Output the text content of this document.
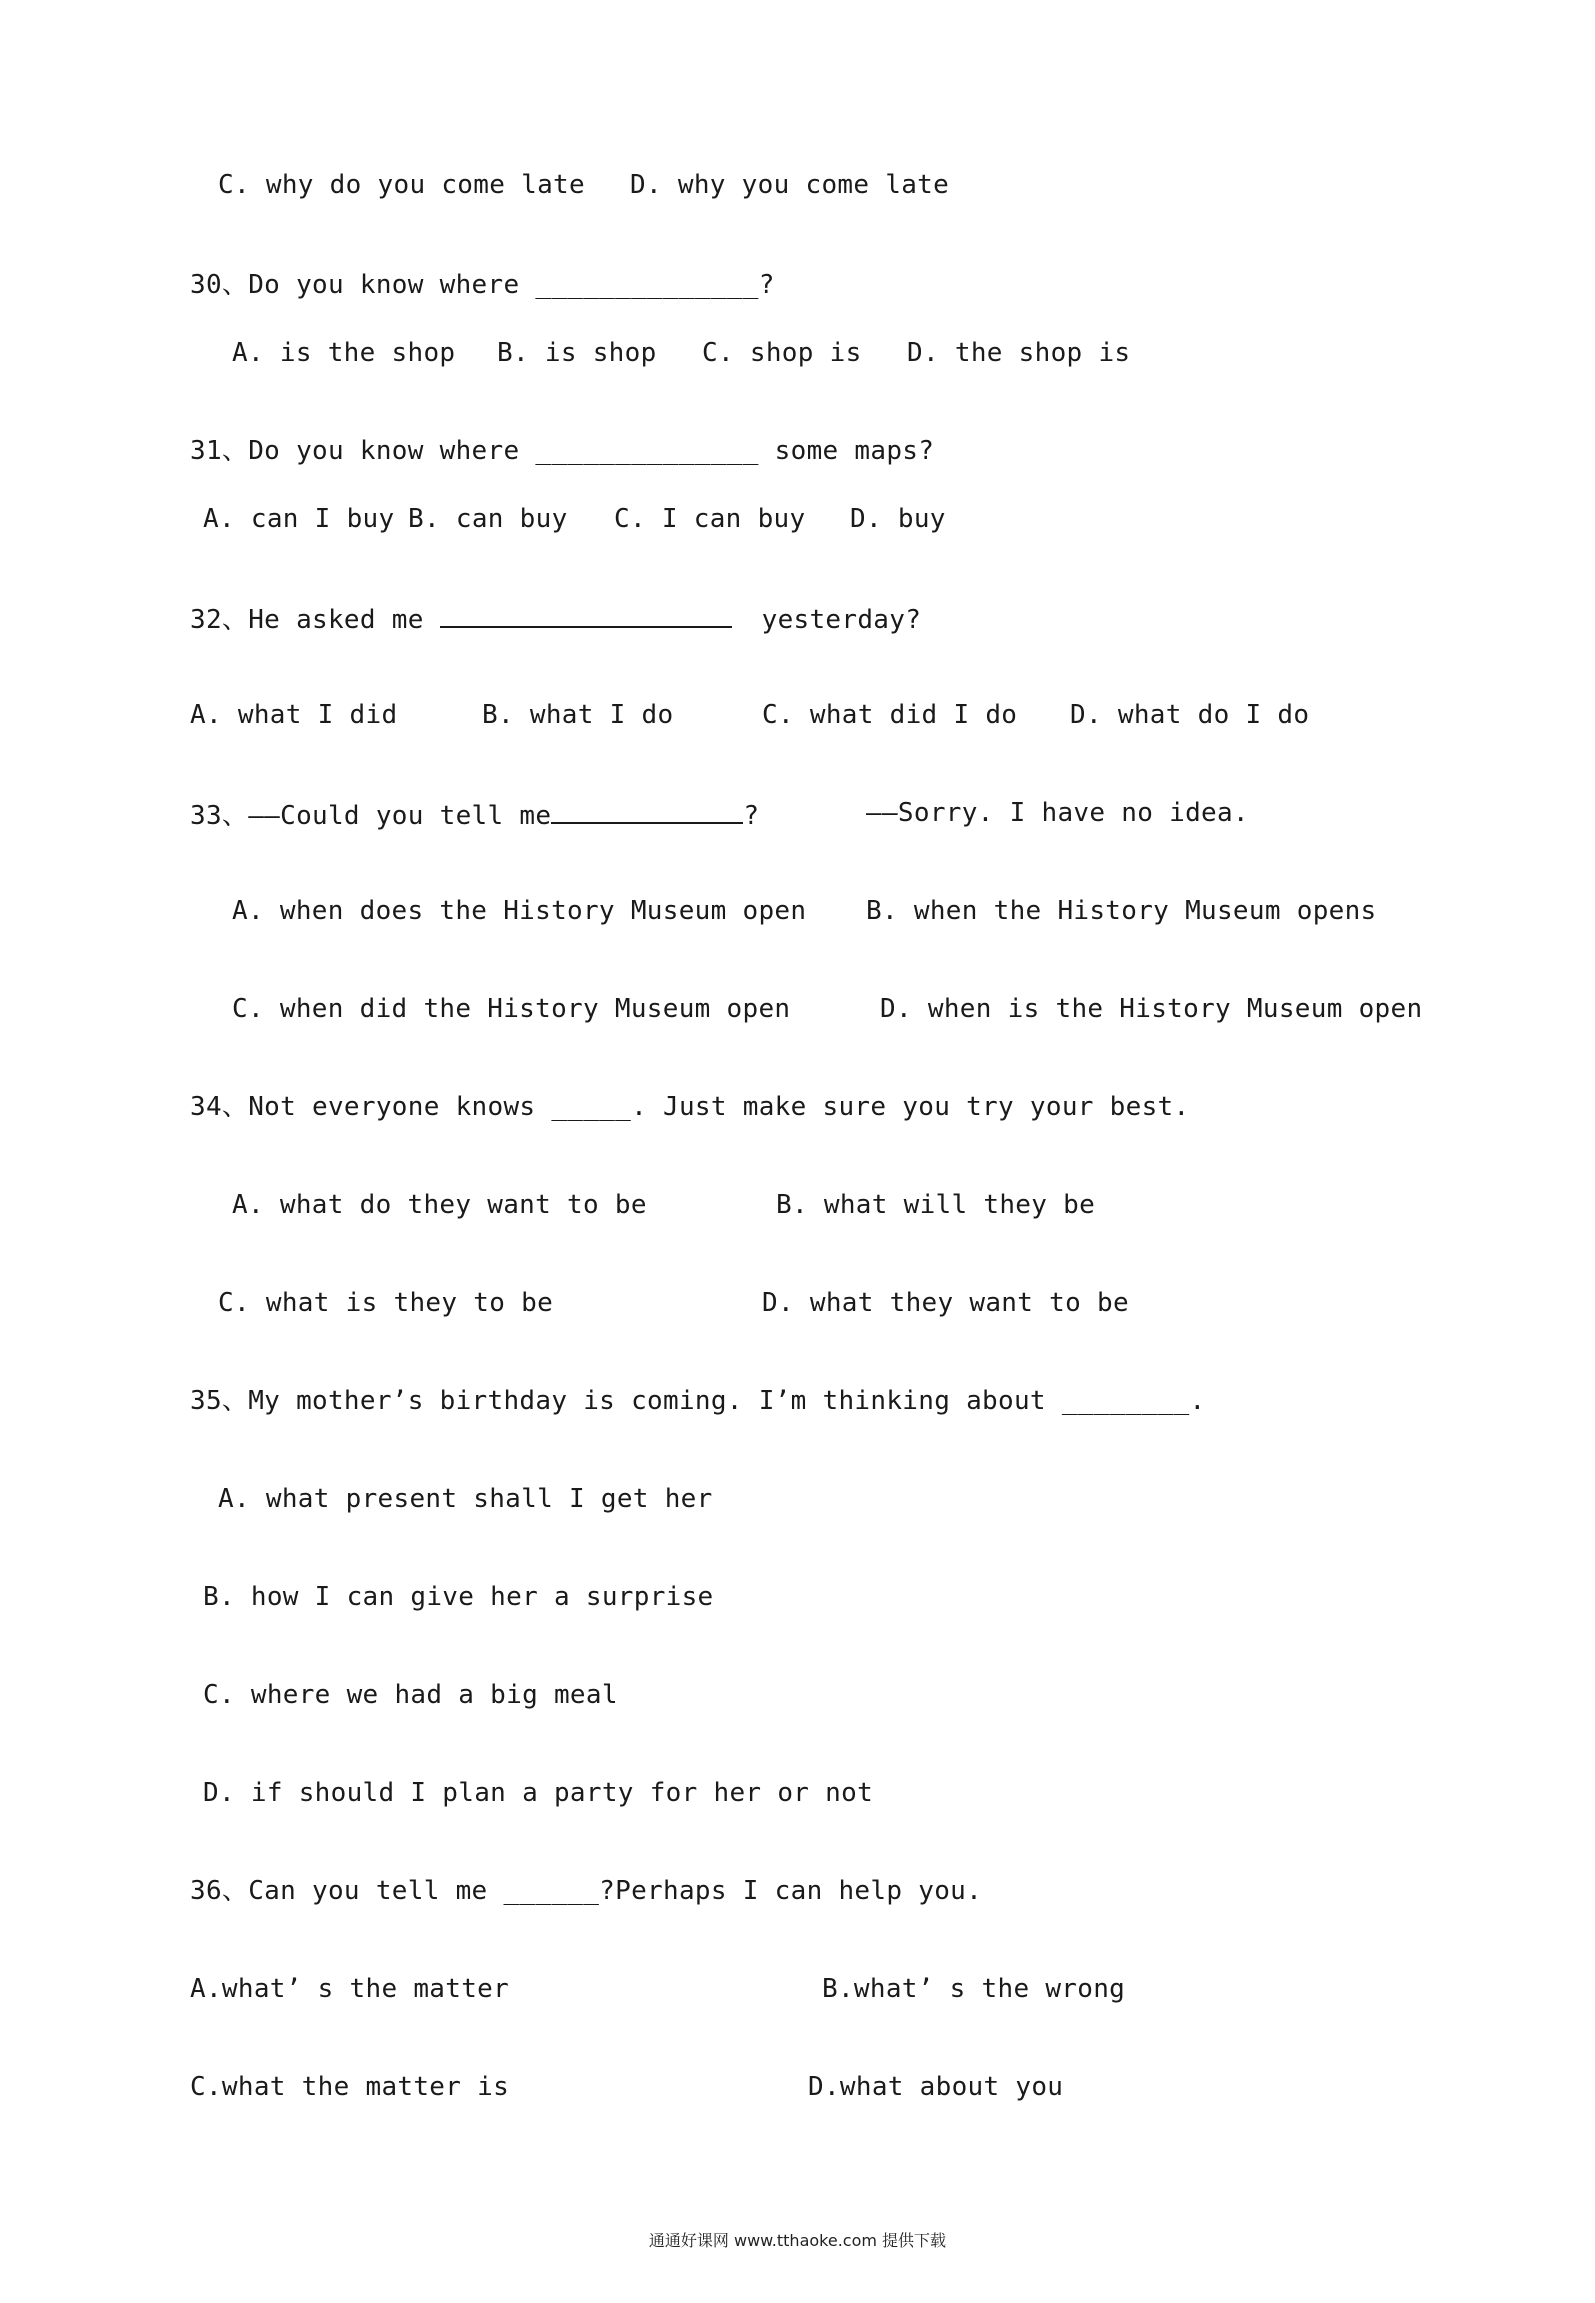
C. why do you come late D. why you come late
30、Do you know where ______________?
A. is the shop B. is shop C. shop is D. the shop is
31、Do you know where ______________ some maps?
A. can I buy B. can buy C. I can buy D. buy
32、He asked me	yesterday?
A. what I did	B. what I do	C. what did I do D. what do I do
33、——Could you tell me	?	——Sorry. I have no idea.
A. when does the History Museum open B. when the History Museum opens
C. when did the History Museum open	D. when is the History Museum open
34、Not everyone knows _____. Just make sure you try your best.
A. what do they want to be	B. what will they be
C. what is they to be	D. what they want to be
35、My mother’s birthday is coming. I’m thinking about ________.
A. what present shall I get her
B. how I can give her a surprise
C. where we had a big meal
D. if should I plan a party for her or not
36、Can you tell me ______?Perhaps I can help you.
A.what’ s the matter	B.what’ s the wrong
C.what the matter is	D.what about you
通通好课网 www.tthaoke.com 提供下载
